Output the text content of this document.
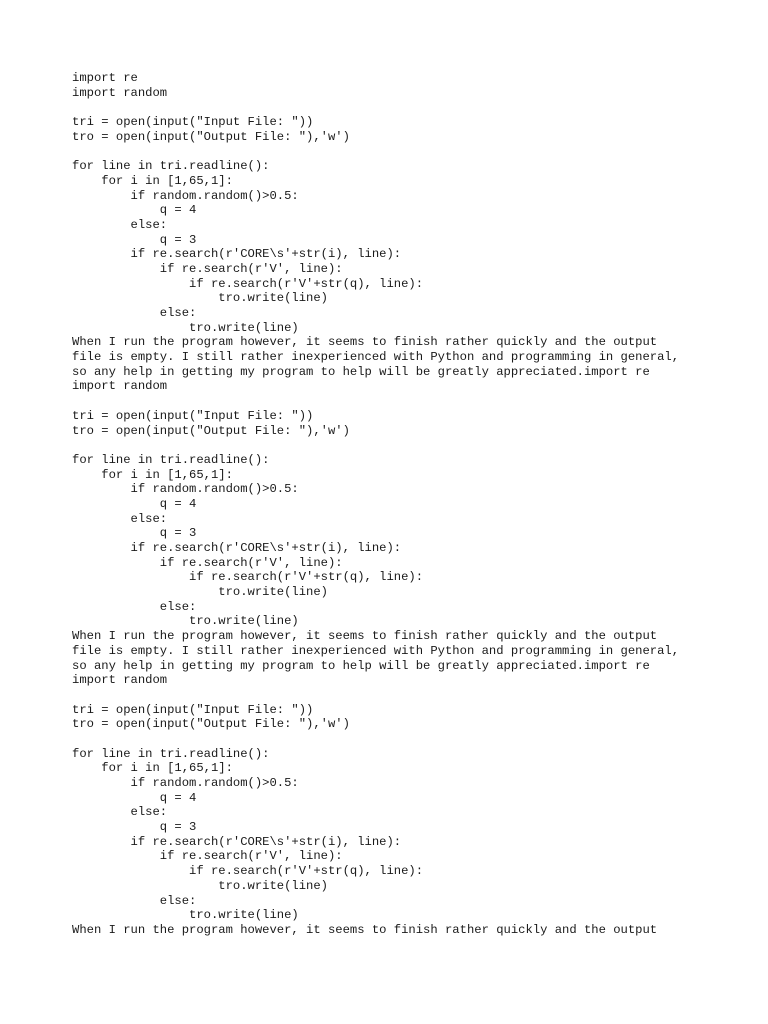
import re
import random
tri = open(input("Input File: "))
tro = open(input("Output File: "),'w')
for line in tri.readline():
for i in [1,65,1]:
if random.random()>0.5:
q = 4
else:
q = 3
if re.search(r'CORE\s'+str(i), line):
if re.search(r'V', line):
if re.search(r'V'+str(q), line):
tro.write(line)
else:
tro.write(line)
When I run the program however, it seems to finish rather quickly and the output
file is empty. I still rather inexperienced with Python and programming in general,
so any help in getting my program to help will be greatly appreciated.import re
import random
tri = open(input("Input File: "))
tro = open(input("Output File: "),'w')
for line in tri.readline():
for i in [1,65,1]:
if random.random()>0.5:
q = 4
else:
q = 3
if re.search(r'CORE\s'+str(i), line):
if re.search(r'V', line):
if re.search(r'V'+str(q), line):
tro.write(line)
else:
tro.write(line)
When I run the program however, it seems to finish rather quickly and the output
file is empty. I still rather inexperienced with Python and programming in general,
so any help in getting my program to help will be greatly appreciated.import re
import random
tri = open(input("Input File: "))
tro = open(input("Output File: "),'w')
for line in tri.readline():
for i in [1,65,1]:
if random.random()>0.5:
q = 4
else:
q = 3
if re.search(r'CORE\s'+str(i), line):
if re.search(r'V', line):
if re.search(r'V'+str(q), line):
tro.write(line)
else:
tro.write(line)
When I run the program however, it seems to finish rather quickly and the output
